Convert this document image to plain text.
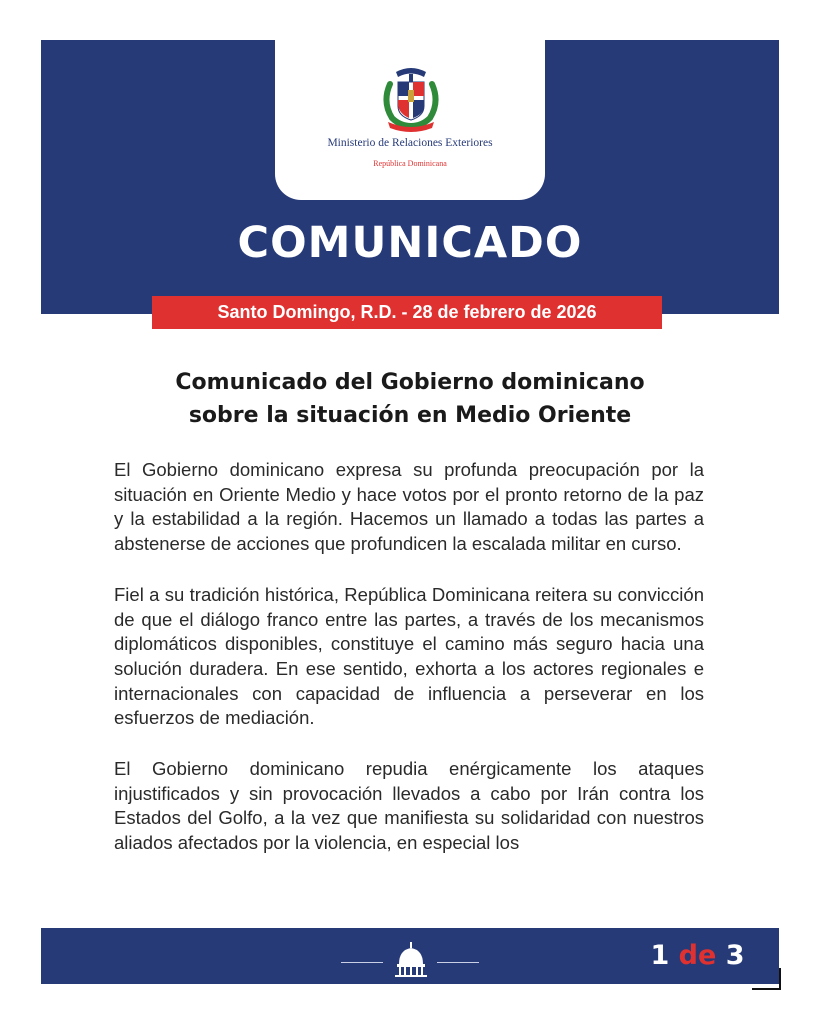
Ministerio de Relaciones Exteriores
República Dominicana
COMUNICADO
Santo Domingo, R.D. - 28 de febrero de 2026
Comunicado del Gobierno dominicano
sobre la situación en Medio Oriente

El Gobierno dominicano expresa su profunda preocupación por la situación en Oriente Medio y hace votos por el pronto retorno de la paz y la estabilidad a la región. Hacemos un llamado a todas las partes a abstenerse de acciones que profundicen la escalada militar en curso.

Fiel a su tradición histórica, República Dominicana reitera su convicción de que el diálogo franco entre las partes, a través de los mecanismos diplomáticos disponibles, constituye el camino más seguro hacia una solución duradera. En ese sentido, exhorta a los actores regionales e internacionales con capacidad de influencia a perseverar en los esfuerzos de mediación.

El Gobierno dominicano repudia enérgicamente los ataques injustificados y sin provocación llevados a cabo por Irán contra los Estados del Golfo, a la vez que manifiesta su solidaridad con nuestros aliados afectados por la violencia, en especial los

1 de 3
